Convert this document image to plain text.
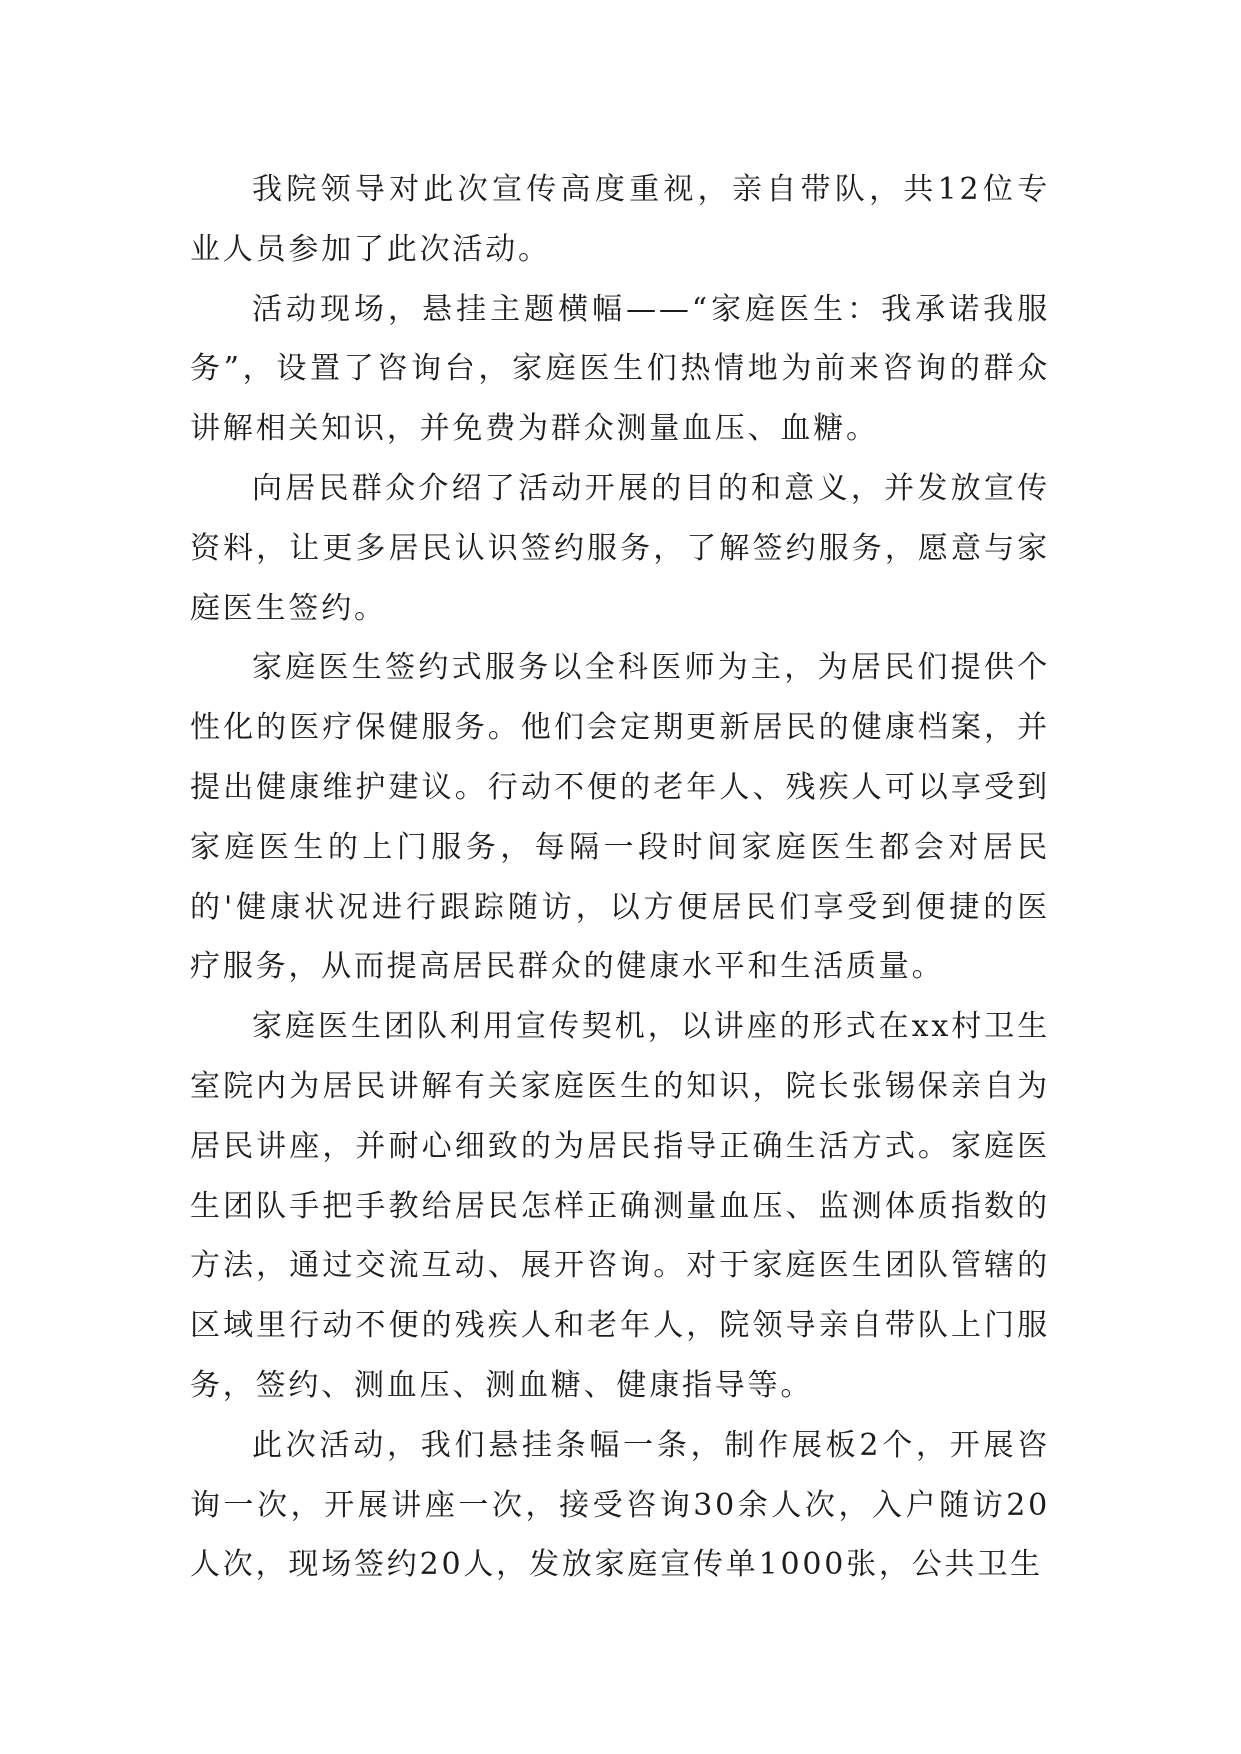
我院领导对此次宣传高度重视，亲自带队，共12位专业人员参加了此次活动。

活动现场，悬挂主题横幅——“家庭医生：我承诺我服务”，设置了咨询台，家庭医生们热情地为前来咨询的群众讲解相关知识，并免费为群众测量血压、血糖。

向居民群众介绍了活动开展的目的和意义，并发放宣传资料，让更多居民认识签约服务，了解签约服务，愿意与家庭医生签约。

家庭医生签约式服务以全科医师为主，为居民们提供个性化的医疗保健服务。他们会定期更新居民的健康档案，并提出健康维护建议。行动不便的老年人、残疾人可以享受到家庭医生的上门服务，每隔一段时间家庭医生都会对居民的'健康状况进行跟踪随访，以方便居民们享受到便捷的医疗服务，从而提高居民群众的健康水平和生活质量。

家庭医生团队利用宣传契机，以讲座的形式在xx村卫生室院内为居民讲解有关家庭医生的知识，院长张锡保亲自为居民讲座，并耐心细致的为居民指导正确生活方式。家庭医生团队手把手教给居民怎样正确测量血压、监测体质指数的方法，通过交流互动、展开咨询。对于家庭医生团队管辖的区域里行动不便的残疾人和老年人，院领导亲自带队上门服务，签约、测血压、测血糖、健康指导等。

此次活动，我们悬挂条幅一条，制作展板2个，开展咨询一次，开展讲座一次，接受咨询30余人次，入户随访20人次，现场签约20人，发放家庭宣传单1000张，公共卫生
